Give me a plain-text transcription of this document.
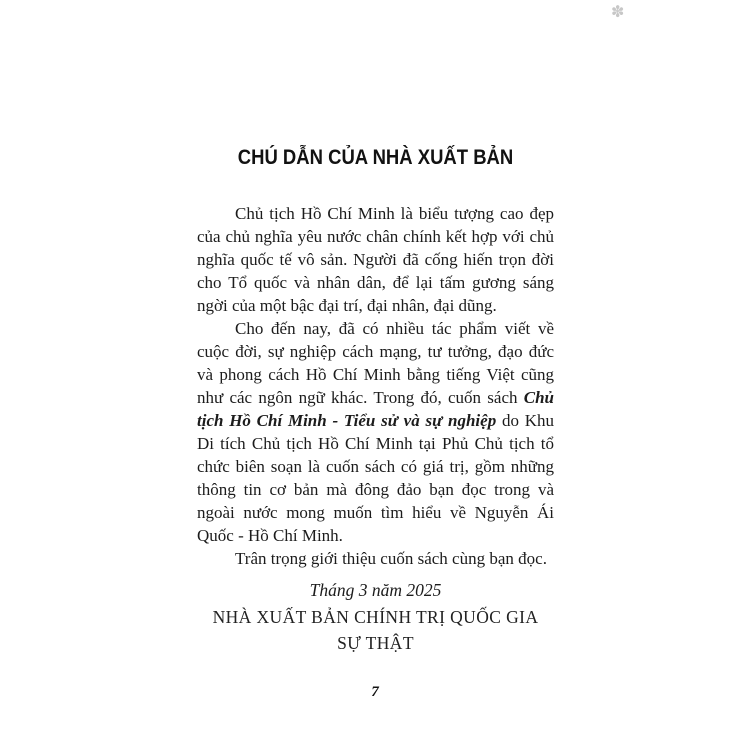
✽
CHÚ DẪN CỦA NHÀ XUẤT BẢN

Chủ tịch Hồ Chí Minh là biểu tượng cao đẹp của chủ nghĩa yêu nước chân chính kết hợp với chủ nghĩa quốc tế vô sản. Người đã cống hiến trọn đời cho Tổ quốc và nhân dân, để lại tấm gương sáng ngời của một bậc đại trí, đại nhân, đại dũng.

Cho đến nay, đã có nhiều tác phẩm viết về cuộc đời, sự nghiệp cách mạng, tư tưởng, đạo đức và phong cách Hồ Chí Minh bằng tiếng Việt cũng như các ngôn ngữ khác. Trong đó, cuốn sách Chủ tịch Hồ Chí Minh - Tiểu sử và sự nghiệp do Khu Di tích Chủ tịch Hồ Chí Minh tại Phủ Chủ tịch tổ chức biên soạn là cuốn sách có giá trị, gồm những thông tin cơ bản mà đông đảo bạn đọc trong và ngoài nước mong muốn tìm hiểu về Nguyễn Ái Quốc - Hồ Chí Minh.

Trân trọng giới thiệu cuốn sách cùng bạn đọc.

Tháng 3 năm 2025
NHÀ XUẤT BẢN CHÍNH TRỊ QUỐC GIA
SỰ THẬT
7
